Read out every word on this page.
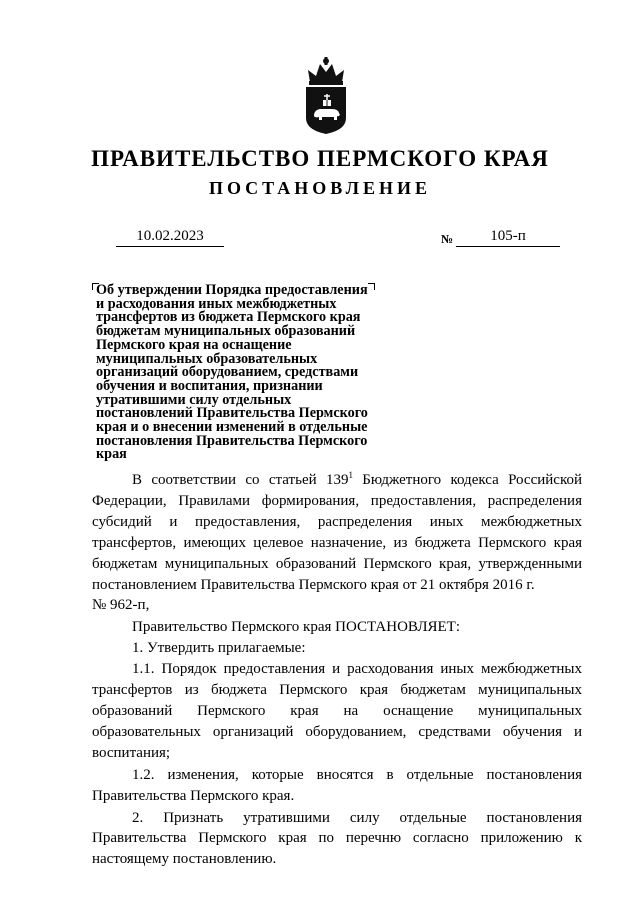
ПРАВИТЕЛЬСТВО ПЕРМСКОГО КРАЯ
ПОСТАНОВЛЕНИЕ
10.02.2023	№	105-п
Об утверждении Порядка предоставления
и расходования иных межбюджетных
трансфертов из бюджета Пермского края
бюджетам муниципальных образований
Пермского края на оснащение
муниципальных образовательных
организаций оборудованием, средствами
обучения и воспитания, признании
утратившими силу отдельных
постановлений Правительства Пермского
края и о внесении изменений в отдельные
постановления Правительства Пермского
края

В соответствии со статьей $139^1$ Бюджетного кодекса Российской Федерации, Правилами формирования, предоставления, распределения субсидий и предоставления, распределения иных межбюджетных трансфертов, имеющих целевое назначение, из бюджета Пермского края бюджетам муниципальных образований Пермского края, утвержденными постановлением Правительства Пермского края от 21 октября 2016 г.

№ 962-п,

Правительство Пермского края ПОСТАНОВЛЯЕТ:

1. Утвердить прилагаемые:

1.1. Порядок предоставления и расходования иных межбюджетных трансфертов из бюджета Пермского края бюджетам муниципальных образований Пермского края на оснащение муниципальных образовательных организаций оборудованием, средствами обучения и воспитания;

1.2. изменения, которые вносятся в отдельные постановления Правительства Пермского края.

2. Признать утратившими силу отдельные постановления Правительства Пермского края по перечню согласно приложению к настоящему постановлению.
